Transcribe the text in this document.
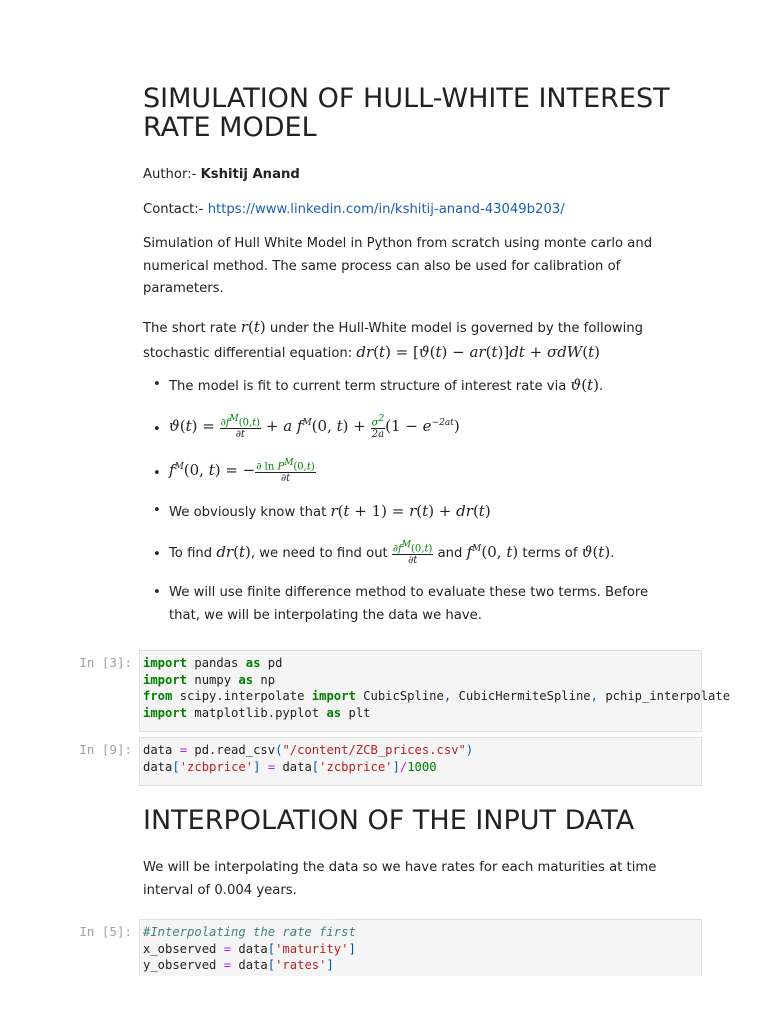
SIMULATION OF HULL-WHITE INTEREST RATE MODEL

Author:- Kshitij Anand

Contact:- https://www.linkedin.com/in/kshitij-anand-43049b203/

Simulation of Hull White Model in Python from scratch using monte carlo and numerical method. The same process can also be used for calibration of parameters.

The short rate r(t) under the Hull-White model is governed by the following stochastic differential equation: dr(t) = [ϑ(t) − ar(t)]dt + σdW(t)

• The model is fit to current term structure of interest rate via ϑ(t).
• $ϑ(t) = \frac{\partial f^M(0,t)}{\partial t} + a$ $f^M(0$, $t) + \frac{\sigma^2}{2a} (1 - e^{-2at})$
• $f^M(0$, t) = − $\frac{\partial \ln P^M(0,t)}{\partial t}$
• We obviously know that r(t + 1) = r(t) + dr(t)
• To find dr(t), we need to find out $\frac{\partial f^M(0,t)}{\partial t}$ and $f^M(0$, t) terms of ϑ(t).
• We will use finite difference method to evaluate these two terms. Before that, we will be interpolating the data we have.
In [3]: import pandas as pd
import numpy as np
from scipy.interpolate import CubicSpline, CubicHermiteSpline, pchip_interpolate
import matplotlib.pyplot as plt
In [9]: data = pd.read_csv("/content/ZCB_prices.csv")
data['zcbprice'] = data['zcbprice']/1000
INTERPOLATION OF THE INPUT DATA

We will be interpolating the data so we have rates for each maturities at time interval of 0.004 years.

In [5]: #Interpolating the rate first
x_observed = data['maturity']
y_observed = data['rates']
